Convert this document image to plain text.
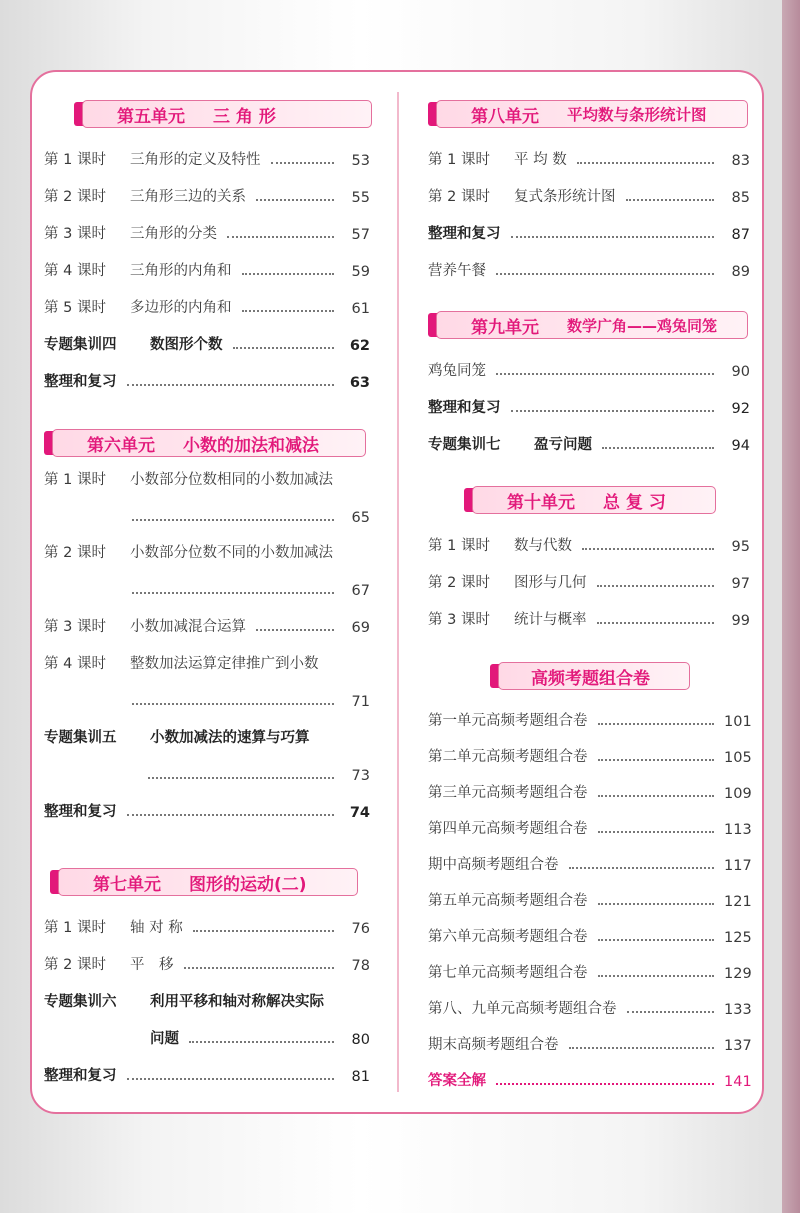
第五单元 三 角 形
第 1 课时	三角形的定义及特性	53
第 2 课时	三角形三边的关系	55
第 3 课时	三角形的分类	57
第 4 课时	三角形的内角和	59
第 5 课时	多边形的内角和	61
专题集训四	数图形个数	62
整理和复习	63
第六单元 小数的加法和减法
第 1 课时	小数部分位数相同的小数加减法
65
第 2 课时	小数部分位数不同的小数加减法
67
第 3 课时	小数加减混合运算	69
第 4 课时	整数加法运算定律推广到小数
71
专题集训五	小数加减法的速算与巧算
73
整理和复习	74
第七单元 图形的运动(二)
第 1 课时	轴 对 称	76
第 2 课时	平　移	78
专题集训六	利用平移和轴对称解决实际
问题	80
整理和复习	81
第八单元 平均数与条形统计图
第 1 课时	平 均 数	83
第 2 课时	复式条形统计图	85
整理和复习	87
营养午餐	89
第九单元 数学广角——鸡兔同笼
鸡兔同笼	90
整理和复习	92
专题集训七	盈亏问题	94
第十单元 总 复 习
第 1 课时	数与代数	95
第 2 课时	图形与几何	97
第 3 课时	统计与概率	99
高频考题组合卷
第一单元高频考题组合卷	101
第二单元高频考题组合卷	105
第三单元高频考题组合卷	109
第四单元高频考题组合卷	113
期中高频考题组合卷	117
第五单元高频考题组合卷	121
第六单元高频考题组合卷	125
第七单元高频考题组合卷	129
第八、九单元高频考题组合卷	133
期末高频考题组合卷	137
答案全解	141
